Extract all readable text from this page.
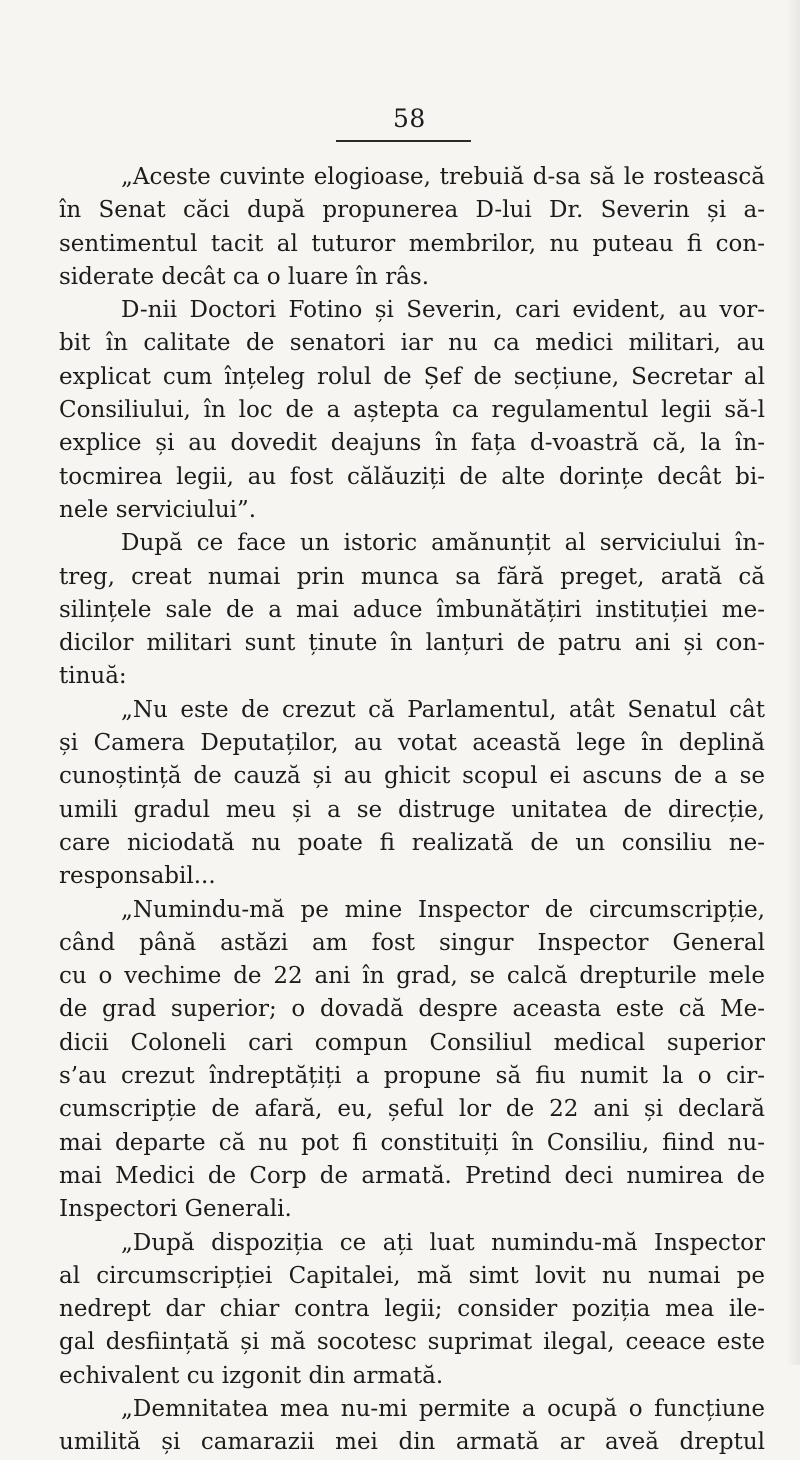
58
„Aceste cuvinte elogioase, trebuiă d-sa să le rostească
în Senat căci după propunerea D-lui Dr. Severin și a-
sentimentul tacit al tuturor membrilor, nu puteau fi con-
siderate decât ca o luare în râs.
D-nii Doctori Fotino și Severin, cari evident, au vor-
bit în calitate de senatori iar nu ca medici militari, au
explicat cum înțeleg rolul de Șef de secțiune, Secretar al
Consiliului, în loc de a aștepta ca regulamentul legii să-l
explice și au dovedit deajuns în fața d-voastră că, la în-
tocmirea legii, au fost călăuziți de alte dorințe decât bi-
nele serviciului”.
După ce face un istoric amănunțit al serviciului în-
treg, creat numai prin munca sa fără preget, arată că
silințele sale de a mai aduce îmbunătățiri instituției me-
dicilor militari sunt ținute în lanțuri de patru ani și con-
tinuă:
„Nu este de crezut că Parlamentul, atât Senatul cât
și Camera Deputaților, au votat această lege în deplină
cunoștință de cauză și au ghicit scopul ei ascuns de a se
umili gradul meu și a se distruge unitatea de direcție,
care niciodată nu poate fi realizată de un consiliu ne-
responsabil...
„Numindu-mă pe mine Inspector de circumscripție,
când până astăzi am fost singur Inspector General
cu o vechime de 22 ani în grad, se calcă drepturile mele
de grad superior; o dovadă despre aceasta este că Me-
dicii Coloneli cari compun Consiliul medical superior
s’au crezut îndreptățiți a propune să fiu numit la o cir-
cumscripție de afară, eu, șeful lor de 22 ani și declară
mai departe că nu pot fi constituiți în Consiliu, fiind nu-
mai Medici de Corp de armată. Pretind deci numirea de
Inspectori Generali.
„După dispoziția ce ați luat numindu-mă Inspector
al circumscripției Capitalei, mă simt lovit nu numai pe
nedrept dar chiar contra legii; consider poziția mea ile-
gal desființată și mă socotesc suprimat ilegal, ceeace este
echivalent cu izgonit din armată.
„Demnitatea mea nu-mi permite a ocupă o funcțiune
umilită și camarazii mei din armată ar aveă dreptul
